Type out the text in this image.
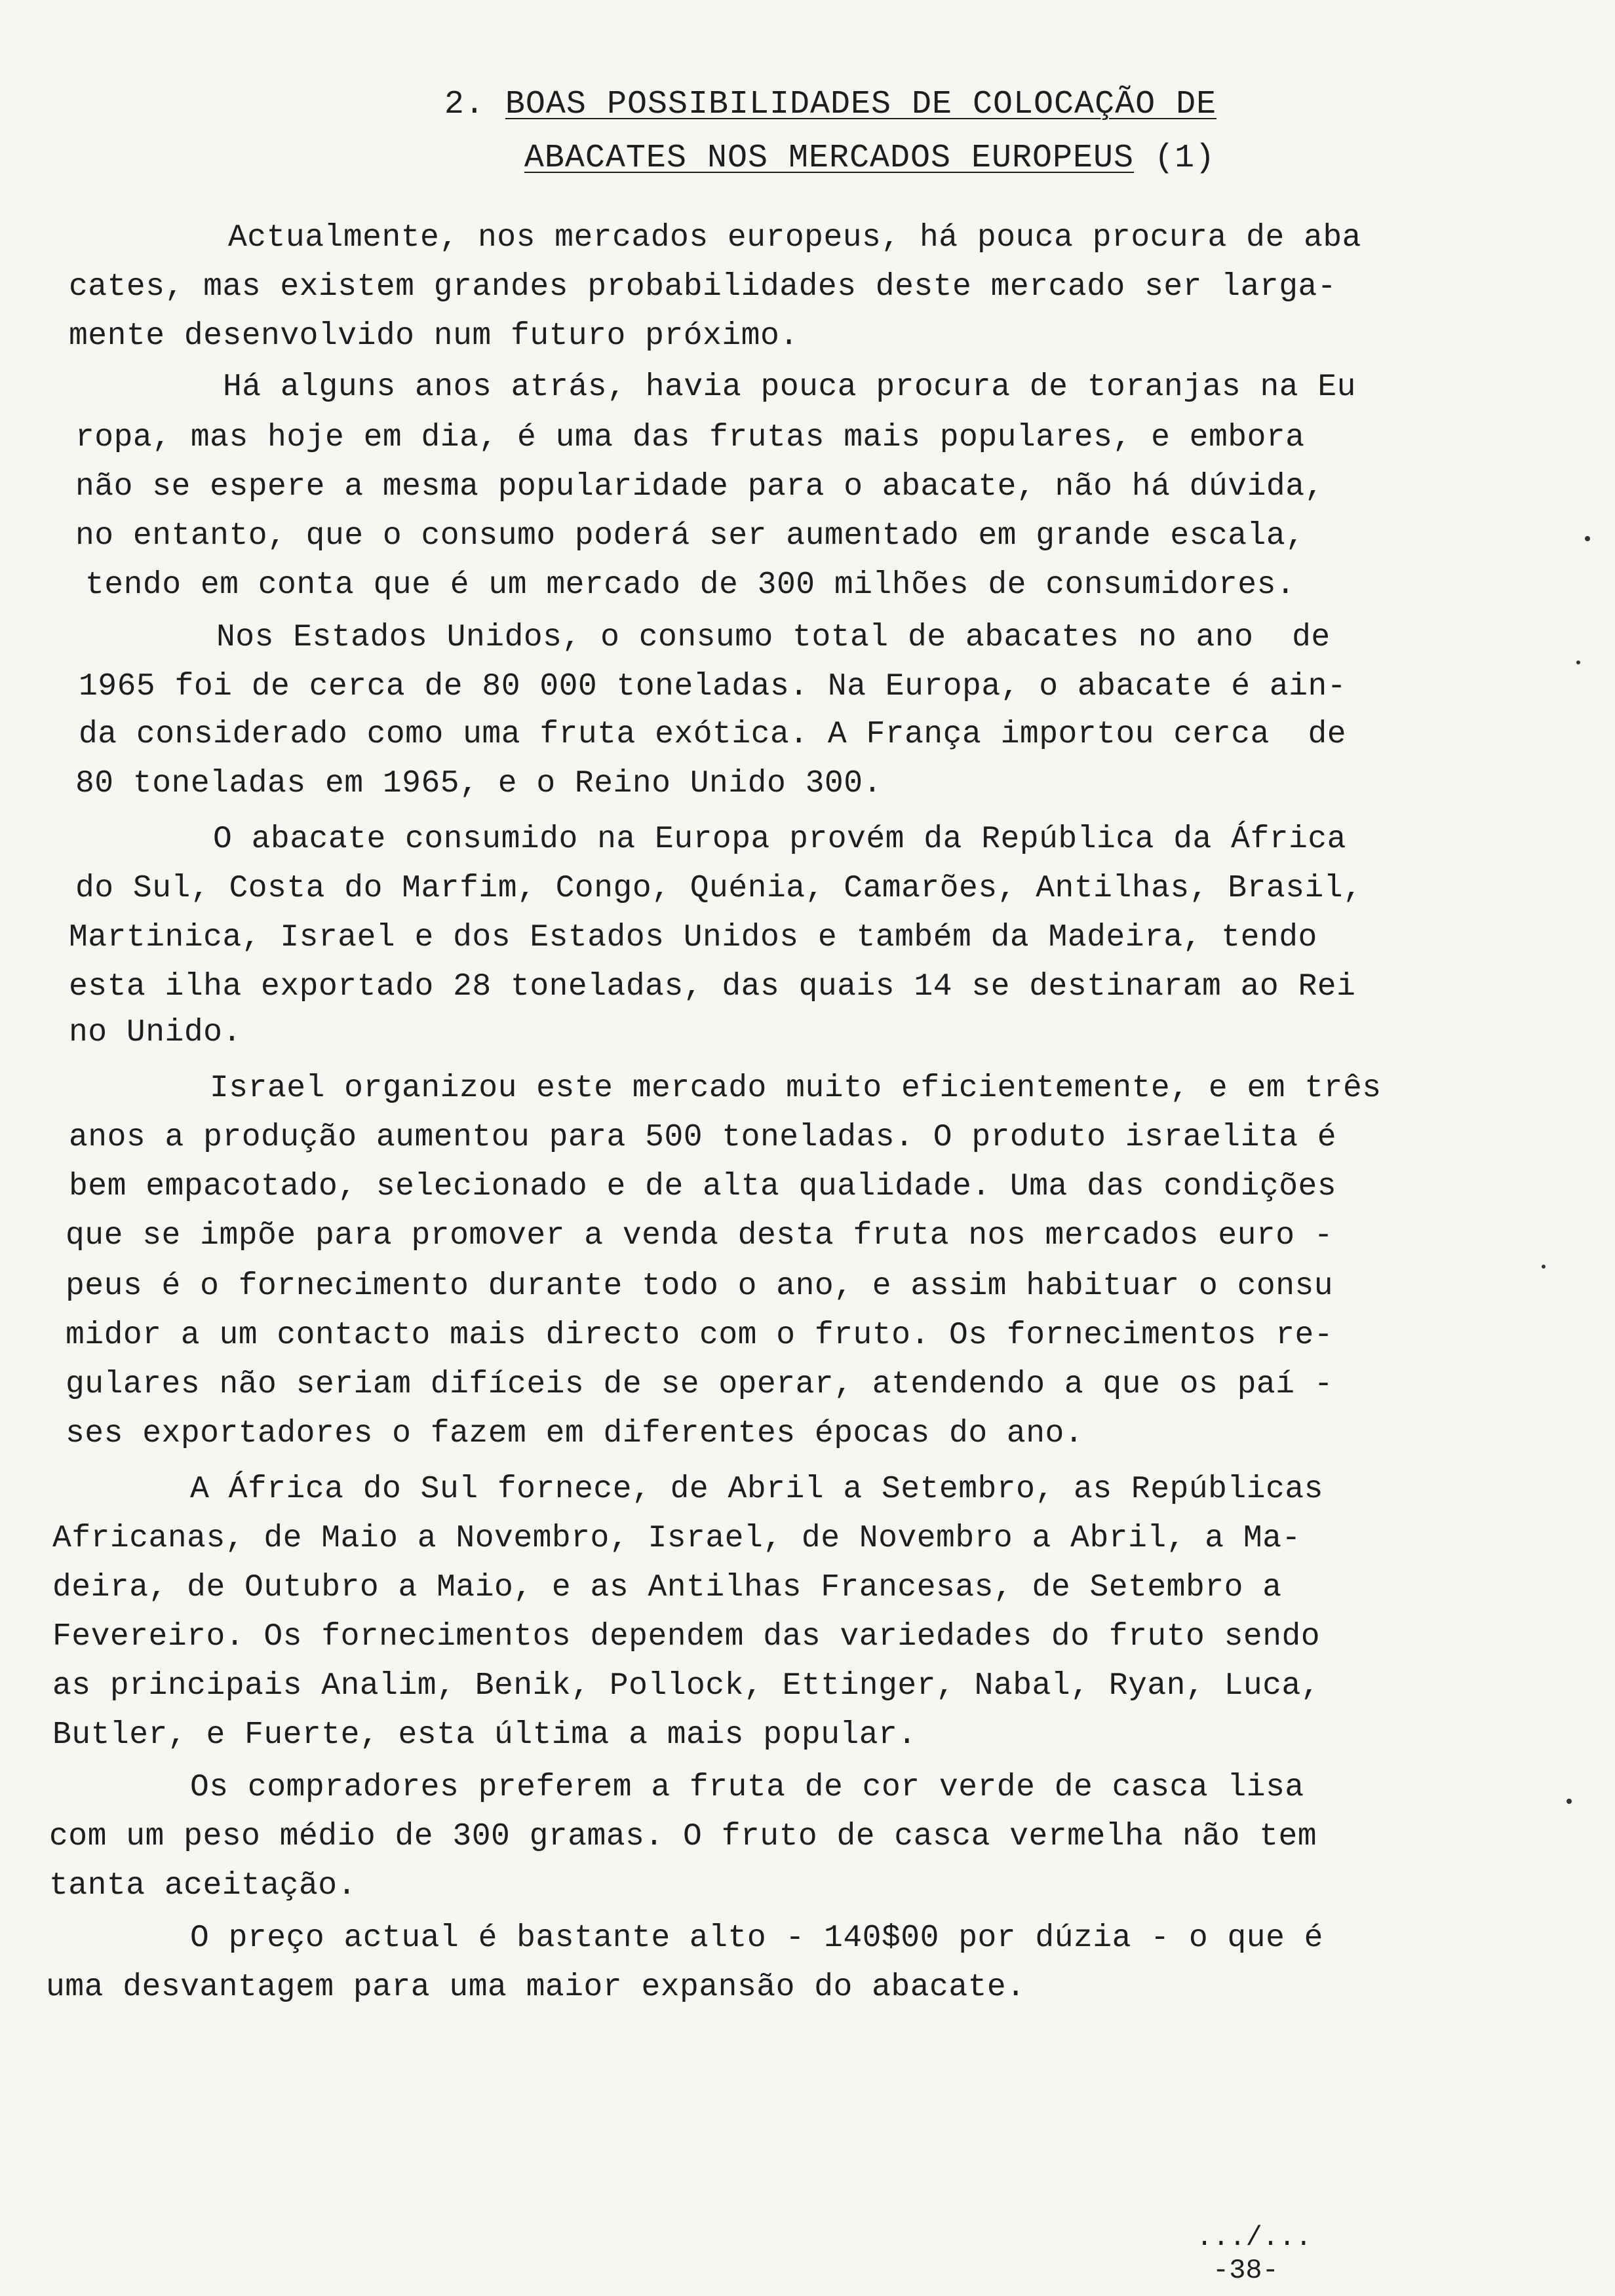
2. BOAS POSSIBILIDADES DE COLOCAÇÃO DE
ABACATES NOS MERCADOS EUROPEUS (1)
Actualmente, nos mercados europeus, há pouca procura de aba
cates, mas existem grandes probabilidades deste mercado ser larga-
mente desenvolvido num futuro próximo.
Há alguns anos atrás, havia pouca procura de toranjas na Eu
ropa, mas hoje em dia, é uma das frutas mais populares, e embora
não se espere a mesma popularidade para o abacate, não há dúvida,
no entanto, que o consumo poderá ser aumentado em grande escala,
tendo em conta que é um mercado de 300 milhões de consumidores.
Nos Estados Unidos, o consumo total de abacates no ano  de
1965 foi de cerca de 80 000 toneladas. Na Europa, o abacate é ain-
da considerado como uma fruta exótica. A França importou cerca  de
80 toneladas em 1965, e o Reino Unido 300.
O abacate consumido na Europa provém da República da África
do Sul, Costa do Marfim, Congo, Quénia, Camarões, Antilhas, Brasil,
Martinica, Israel e dos Estados Unidos e também da Madeira, tendo
esta ilha exportado 28 toneladas, das quais 14 se destinaram ao Rei
no Unido.
Israel organizou este mercado muito eficientemente, e em três
anos a produção aumentou para 500 toneladas. O produto israelita é
bem empacotado, selecionado e de alta qualidade. Uma das condições
que se impõe para promover a venda desta fruta nos mercados euro -
peus é o fornecimento durante todo o ano, e assim habituar o consu
midor a um contacto mais directo com o fruto. Os fornecimentos re-
gulares não seriam difíceis de se operar, atendendo a que os paí -
ses exportadores o fazem em diferentes épocas do ano.
A África do Sul fornece, de Abril a Setembro, as Repúblicas
Africanas, de Maio a Novembro, Israel, de Novembro a Abril, a Ma-
deira, de Outubro a Maio, e as Antilhas Francesas, de Setembro a
Fevereiro. Os fornecimentos dependem das variedades do fruto sendo
as principais Analim, Benik, Pollock, Ettinger, Nabal, Ryan, Luca,
Butler, e Fuerte, esta última a mais popular.
Os compradores preferem a fruta de cor verde de casca lisa
com um peso médio de 300 gramas. O fruto de casca vermelha não tem
tanta aceitação.
O preço actual é bastante alto - 140$00 por dúzia - o que é
uma desvantagem para uma maior expansão do abacate.
.../...
-38-
